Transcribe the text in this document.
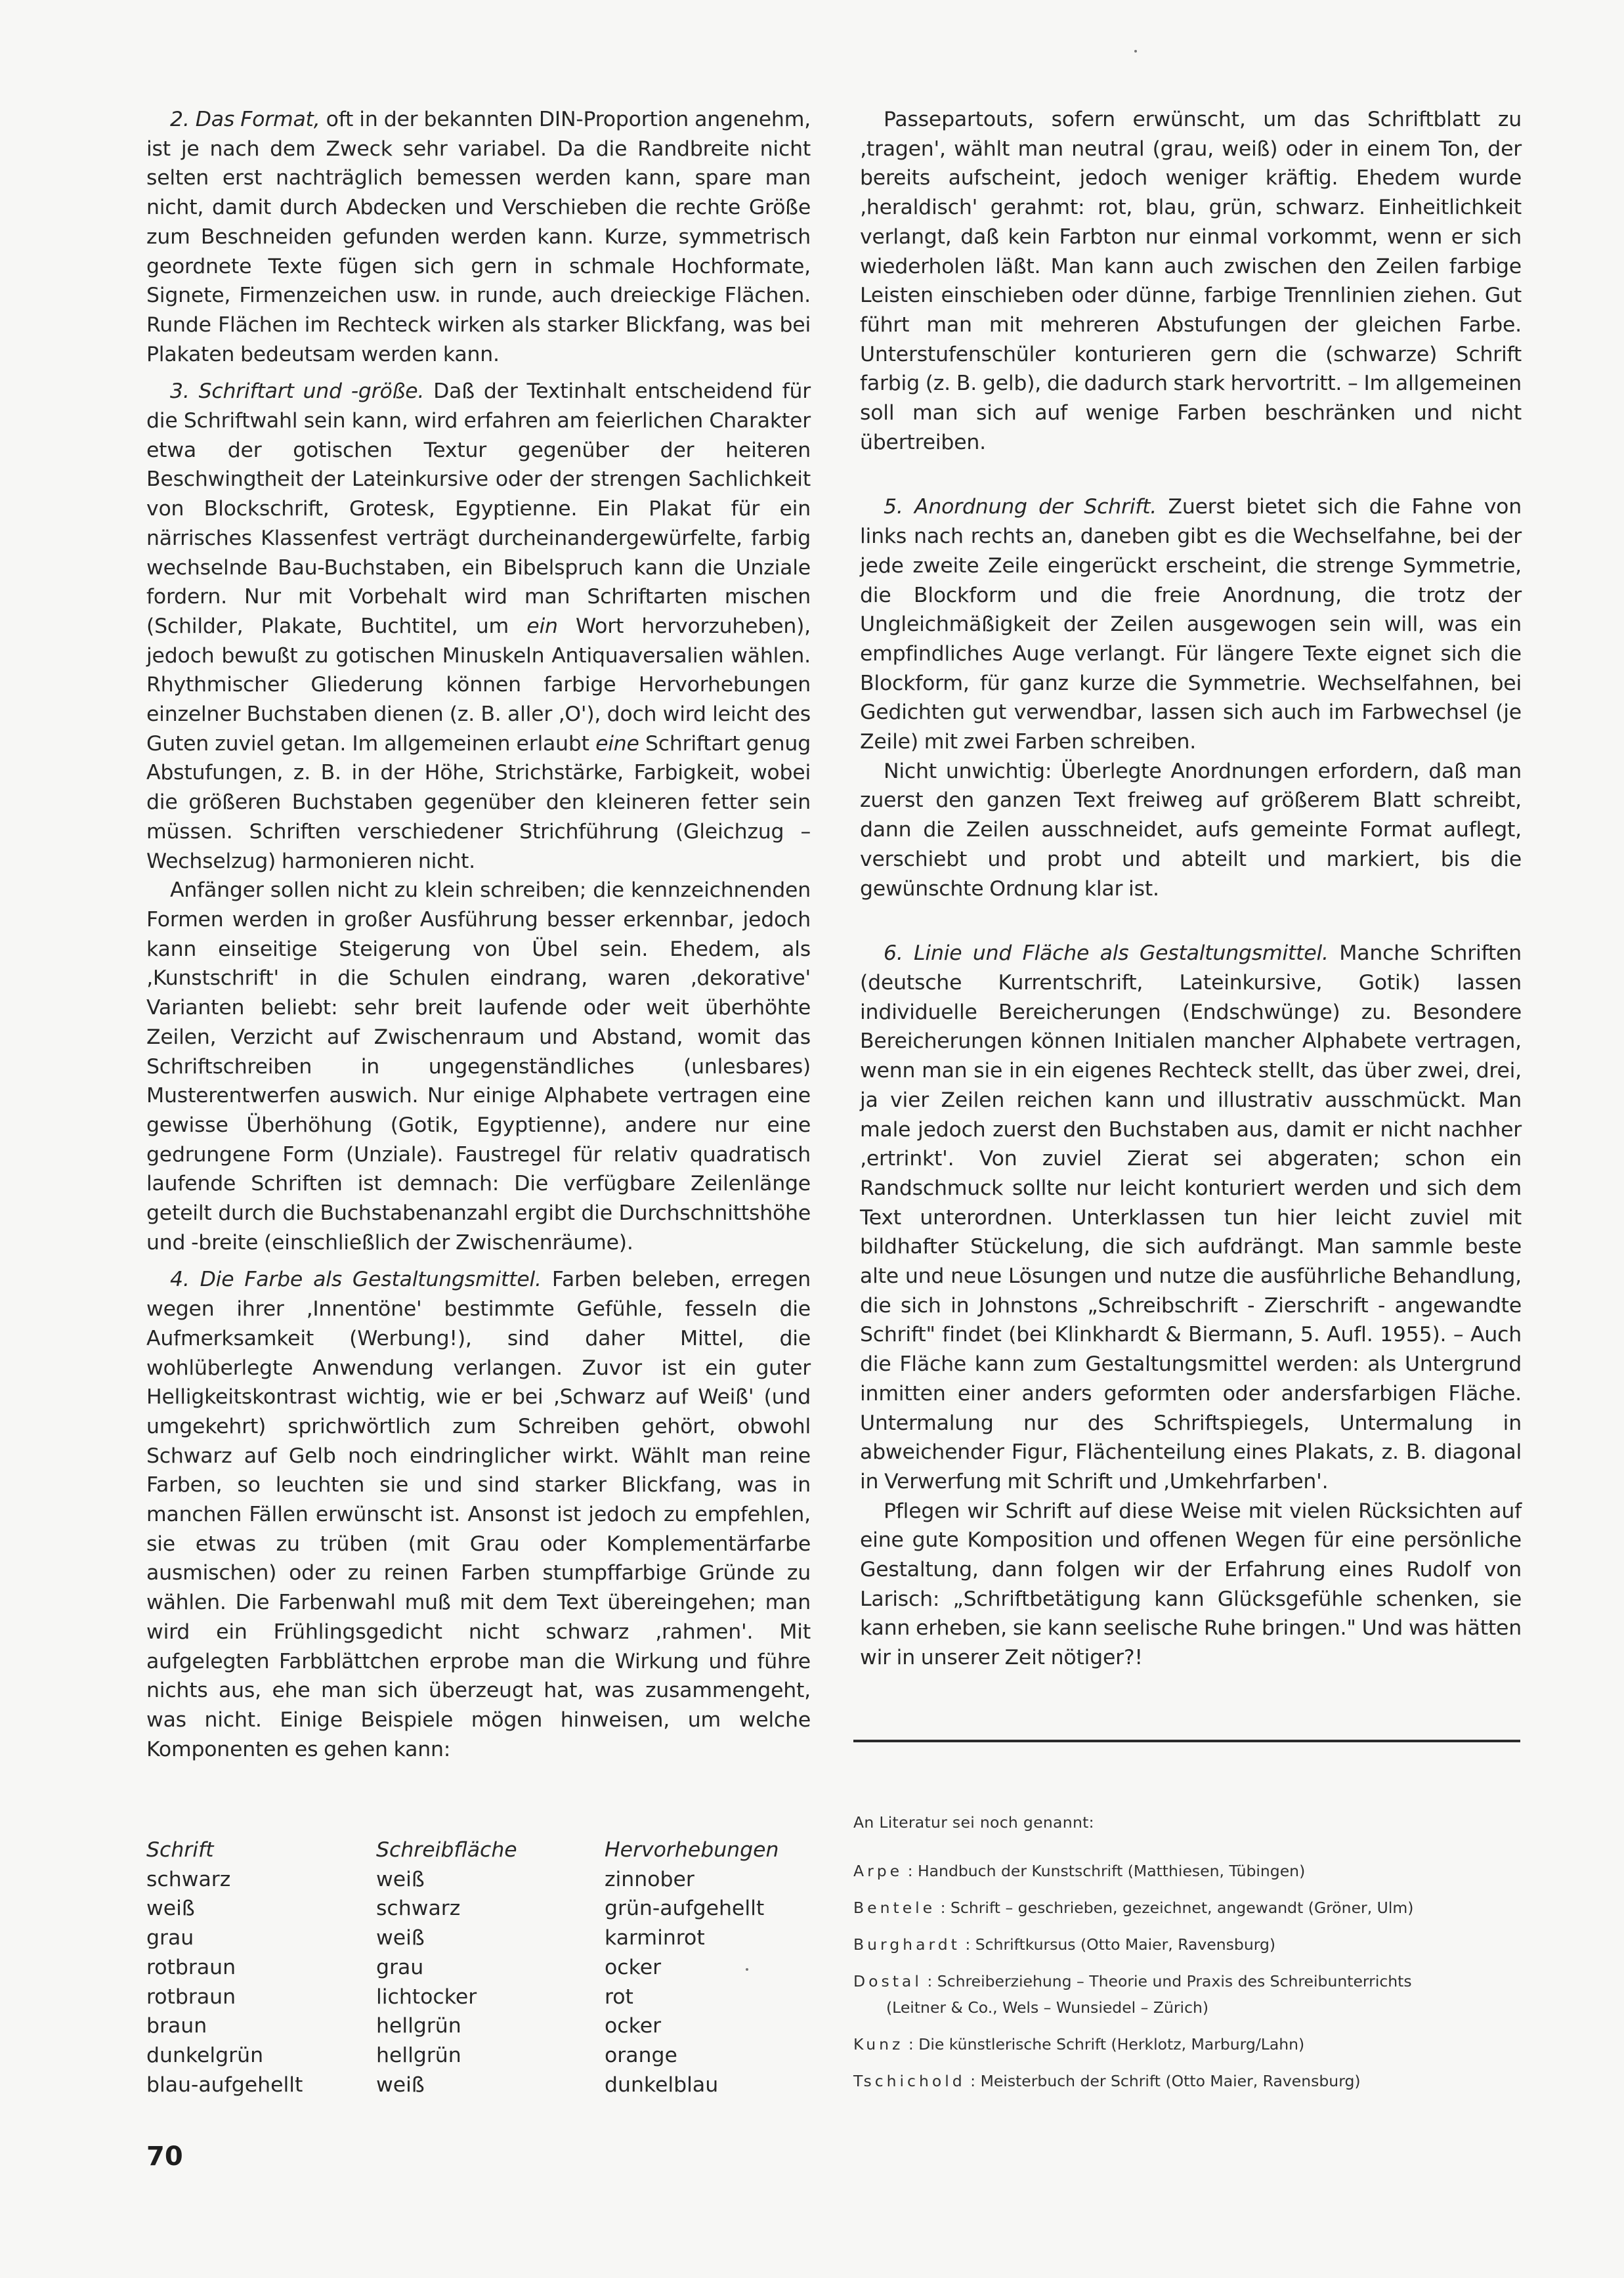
2. Das Format, oft in der bekannten DIN-Proportion angenehm, ist je nach dem Zweck sehr variabel. Da die Randbreite nicht selten erst nachträglich bemessen werden kann, spare man nicht, damit durch Abdecken und Verschieben die rechte Größe zum Beschneiden gefunden werden kann. Kurze, symmetrisch geordnete Texte fügen sich gern in schmale Hochformate, Signete, Firmenzeichen usw. in runde, auch dreieckige Flächen. Runde Flächen im Rechteck wirken als starker Blickfang, was bei Plakaten bedeutsam werden kann.

3. Schriftart und -größe. Daß der Textinhalt entscheidend für die Schriftwahl sein kann, wird erfahren am feierlichen Charakter etwa der gotischen Textur gegenüber der heiteren Beschwingtheit der Lateinkursive oder der strengen Sachlichkeit von Blockschrift, Grotesk, Egyptienne. Ein Plakat für ein närrisches Klassenfest verträgt durcheinandergewürfelte, farbig wechselnde Bau-Buchstaben, ein Bibelspruch kann die Unziale fordern. Nur mit Vorbehalt wird man Schriftarten mischen (Schilder, Plakate, Buchtitel, um ein Wort hervorzuheben), jedoch bewußt zu gotischen Minuskeln Antiquaversalien wählen. Rhythmischer Gliederung können farbige Hervorhebungen einzelner Buchstaben dienen (z. B. aller ‚O'), doch wird leicht des Guten zuviel getan. Im allgemeinen erlaubt eine Schriftart genug Abstufungen, z. B. in der Höhe, Strichstärke, Farbigkeit, wobei die größeren Buchstaben gegenüber den kleineren fetter sein müssen. Schriften verschiedener Strichführung (Gleichzug – Wechselzug) harmonieren nicht.

Anfänger sollen nicht zu klein schreiben; die kennzeichnenden Formen werden in großer Ausführung besser erkennbar, jedoch kann einseitige Steigerung von Übel sein. Ehedem, als ‚Kunstschrift' in die Schulen eindrang, waren ‚dekorative' Varianten beliebt: sehr breit laufende oder weit überhöhte Zeilen, Verzicht auf Zwischenraum und Abstand, womit das Schriftschreiben in ungegenständliches (unlesbares) Musterentwerfen auswich. Nur einige Alphabete vertragen eine gewisse Überhöhung (Gotik, Egyptienne), andere nur eine gedrungene Form (Unziale). Faustregel für relativ quadratisch laufende Schriften ist demnach: Die verfügbare Zeilenlänge geteilt durch die Buchstabenanzahl ergibt die Durchschnittshöhe und -breite (einschließlich der Zwischenräume).

4. Die Farbe als Gestaltungsmittel. Farben beleben, erregen wegen ihrer ‚Innentöne' bestimmte Gefühle, fesseln die Aufmerksamkeit (Werbung!), sind daher Mittel, die wohlüberlegte Anwendung verlangen. Zuvor ist ein guter Helligkeitskontrast wichtig, wie er bei ‚Schwarz auf Weiß' (und umgekehrt) sprichwörtlich zum Schreiben gehört, obwohl Schwarz auf Gelb noch eindringlicher wirkt. Wählt man reine Farben, so leuchten sie und sind starker Blickfang, was in manchen Fällen erwünscht ist. Ansonst ist jedoch zu empfehlen, sie etwas zu trüben (mit Grau oder Komplementärfarbe ausmischen) oder zu reinen Farben stumpffarbige Gründe zu wählen. Die Farbenwahl muß mit dem Text übereingehen; man wird ein Frühlingsgedicht nicht schwarz ‚rahmen'. Mit aufgelegten Farbblättchen erprobe man die Wirkung und führe nichts aus, ehe man sich überzeugt hat, was zusammengeht, was nicht. Einige Beispiele mögen hinweisen, um welche Komponenten es gehen kann:

Schrift	Schreibfläche	Hervorhebungen
schwarz	weiß	zinnober
weiß	schwarz	grün-aufgehellt
grau	weiß	karminrot
rotbraun	grau	ocker
rotbraun	lichtocker	rot
braun	hellgrün	ocker
dunkelgrün	hellgrün	orange
blau-aufgehellt	weiß	dunkelblau

Passepartouts, sofern erwünscht, um das Schriftblatt zu ‚tragen', wählt man neutral (grau, weiß) oder in einem Ton, der bereits aufscheint, jedoch weniger kräftig. Ehedem wurde ‚heraldisch' gerahmt: rot, blau, grün, schwarz. Einheitlichkeit verlangt, daß kein Farbton nur einmal vorkommt, wenn er sich wiederholen läßt. Man kann auch zwischen den Zeilen farbige Leisten einschieben oder dünne, farbige Trennlinien ziehen. Gut führt man mit mehreren Abstufungen der gleichen Farbe. Unterstufenschüler konturieren gern die (schwarze) Schrift farbig (z. B. gelb), die dadurch stark hervortritt. – Im allgemeinen soll man sich auf wenige Farben beschränken und nicht übertreiben.

5. Anordnung der Schrift. Zuerst bietet sich die Fahne von links nach rechts an, daneben gibt es die Wechselfahne, bei der jede zweite Zeile eingerückt erscheint, die strenge Symmetrie, die Blockform und die freie Anordnung, die trotz der Ungleichmäßigkeit der Zeilen ausgewogen sein will, was ein empfindliches Auge verlangt. Für längere Texte eignet sich die Blockform, für ganz kurze die Symmetrie. Wechselfahnen, bei Gedichten gut verwendbar, lassen sich auch im Farbwechsel (je Zeile) mit zwei Farben schreiben.

Nicht unwichtig: Überlegte Anordnungen erfordern, daß man zuerst den ganzen Text freiweg auf größerem Blatt schreibt, dann die Zeilen ausschneidet, aufs gemeinte Format auflegt, verschiebt und probt und abteilt und markiert, bis die gewünschte Ordnung klar ist.

6. Linie und Fläche als Gestaltungsmittel. Manche Schriften (deutsche Kurrentschrift, Lateinkursive, Gotik) lassen individuelle Bereicherungen (Endschwünge) zu. Besondere Bereicherungen können Initialen mancher Alphabete vertragen, wenn man sie in ein eigenes Rechteck stellt, das über zwei, drei, ja vier Zeilen reichen kann und illustrativ ausschmückt. Man male jedoch zuerst den Buchstaben aus, damit er nicht nachher ‚ertrinkt'. Von zuviel Zierat sei abgeraten; schon ein Randschmuck sollte nur leicht konturiert werden und sich dem Text unterordnen. Unterklassen tun hier leicht zuviel mit bildhafter Stückelung, die sich aufdrängt. Man sammle beste alte und neue Lösungen und nutze die ausführliche Behandlung, die sich in Johnstons „Schreibschrift - Zierschrift - angewandte Schrift" findet (bei Klinkhardt & Biermann, 5. Aufl. 1955). – Auch die Fläche kann zum Gestaltungsmittel werden: als Untergrund inmitten einer anders geformten oder andersfarbigen Fläche. Untermalung nur des Schriftspiegels, Untermalung in abweichender Figur, Flächenteilung eines Plakats, z. B. diagonal in Verwerfung mit Schrift und ‚Umkehrfarben'.

Pflegen wir Schrift auf diese Weise mit vielen Rücksichten auf eine gute Komposition und offenen Wegen für eine persönliche Gestaltung, dann folgen wir der Erfahrung eines Rudolf von Larisch: „Schriftbetätigung kann Glücksgefühle schenken, sie kann erheben, sie kann seelische Ruhe bringen." Und was hätten wir in unserer Zeit nötiger?!

An Literatur sei noch genannt:

Arpe : Handbuch der Kunstschrift (Matthiesen, Tübingen)

Bentele : Schrift – geschrieben, gezeichnet, angewandt (Gröner, Ulm)

Burghardt : Schriftkursus (Otto Maier, Ravensburg)

Dostal : Schreiberziehung – Theorie und Praxis des Schreibunterrichts
(Leitner & Co., Wels – Wunsiedel – Zürich)

Kunz : Die künstlerische Schrift (Herklotz, Marburg/Lahn)

Tschichold : Meisterbuch der Schrift (Otto Maier, Ravensburg)

70
